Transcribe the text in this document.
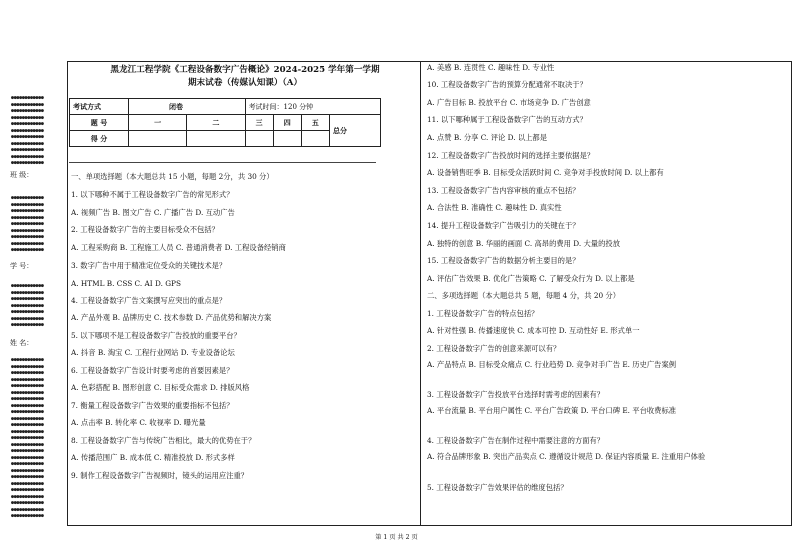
●●●●●●●●●●●●
●●●●●●●●●●●●
●●●●●●●●●●●●
●●●●●●●●●●●●
●●●●●●●●●●●●
●●●●●●●●●●●●
●●●●●●●●●●●●
●●●●●●●●●●●●
●●●●●●●●●●●●
●●●●●●●●●●●●
●●●●●●●●●●●●
班 级：
●●●●●●●●●●●●
●●●●●●●●●●●●
●●●●●●●●●●●●
●●●●●●●●●●●●
●●●●●●●●●●●●
●●●●●●●●●●●●
●●●●●●●●●●●●
●●●●●●●●●●●●
●●●●●●●●●●●●
学 号：
●●●●●●●●●●●●
●●●●●●●●●●●●
●●●●●●●●●●●●
●●●●●●●●●●●●
●●●●●●●●●●●●
●●●●●●●●●●●●
●●●●●●●●●●●●
姓 名：
●●●●●●●●●●●●
●●●●●●●●●●●●
●●●●●●●●●●●●
●●●●●●●●●●●●
●●●●●●●●●●●●
●●●●●●●●●●●●
●●●●●●●●●●●●
●●●●●●●●●●●●
●●●●●●●●●●●●
●●●●●●●●●●●●
●●●●●●●●●●●●
●●●●●●●●●●●●
●●●●●●●●●●●●
●●●●●●●●●●●●
●●●●●●●●●●●●
●●●●●●●●●●●●
●●●●●●●●●●●●
●●●●●●●●●●●●
●●●●●●●●●●●●
●●●●●●●●●●●●
●●●●●●●●●●●●
●●●●●●●●●●●●
●●●●●●●●●●●●
●●●●●●●●●●●●
●●●●●●●●●●●●
黑龙江工程学院《工程设备数字广告概论》2024-2025 学年第一学期
期末试卷（传媒认知课）（A）
考试方式	闭卷		考试时间：120 分钟			
题 号	一	二	三	四	五	总分
得 分						
一、单项选择题（本大题总共 15 小题，每题 2分，共 30 分）
1. 以下哪种不属于工程设备数字广告的常见形式？
A. 视频广告 B. 图文广告 C. 广播广告 D. 互动广告
2. 工程设备数字广告的主要目标受众不包括？
A. 工程采购商 B. 工程施工人员 C. 普通消费者 D. 工程设备经销商
3. 数字广告中用于精准定位受众的关键技术是？
A. HTML B. CSS C. AI D. GPS
4. 工程设备数字广告文案撰写应突出的重点是？
A. 产品外观 B. 品牌历史 C. 技术参数 D. 产品优势和解决方案
5. 以下哪项不是工程设备数字广告投放的重要平台？
A. 抖音 B. 淘宝 C. 工程行业网站 D. 专业设备论坛
6. 工程设备数字广告设计时要考虑的首要因素是？
A. 色彩搭配 B. 图形创意 C. 目标受众需求 D. 排版风格
7. 衡量工程设备数字广告效果的重要指标不包括？
A. 点击率 B. 转化率 C. 收视率 D. 曝光量
8. 工程设备数字广告与传统广告相比，最大的优势在于？
A. 传播范围广 B. 成本低 C. 精准投放 D. 形式多样
9. 制作工程设备数字广告视频时，镜头的运用应注重？
A. 美感 B. 连贯性 C. 趣味性 D. 专业性
10. 工程设备数字广告的预算分配通常不取决于？
A. 广告目标 B. 投放平台 C. 市场竞争 D. 广告创意
11. 以下哪种属于工程设备数字广告的互动方式？
A. 点赞 B. 分享 C. 评论 D. 以上都是
12. 工程设备数字广告投放时间的选择主要依据是？
A. 设备销售旺季 B. 目标受众活跃时间 C. 竞争对手投放时间 D. 以上都有
13. 工程设备数字广告内容审核的重点不包括？
A. 合法性 B. 准确性 C. 趣味性 D. 真实性
14. 提升工程设备数字广告吸引力的关键在于？
A. 独特的创意 B. 华丽的画面 C. 高昂的费用 D. 大量的投放
15. 工程设备数字广告的数据分析主要目的是？
A. 评估广告效果 B. 优化广告策略 C. 了解受众行为 D. 以上都是
二、多项选择题（本大题总共 5 题，每题 4 分，共 20 分）
1. 工程设备数字广告的特点包括？
A. 针对性强 B. 传播速度快 C. 成本可控 D. 互动性好 E. 形式单一
2. 工程设备数字广告的创意来源可以有？
A. 产品特点 B. 目标受众痛点 C. 行业趋势 D. 竞争对手广告 E. 历史广告案例
3. 工程设备数字广告投放平台选择时需考虑的因素有？
A. 平台流量 B. 平台用户属性 C. 平台广告政策 D. 平台口碑 E. 平台收费标准
4. 工程设备数字广告在制作过程中需要注意的方面有？
A. 符合品牌形象 B. 突出产品卖点 C. 遵循设计规范 D. 保证内容质量 E. 注重用户体验
5. 工程设备数字广告效果评估的维度包括？
第 1 页 共 2 页
